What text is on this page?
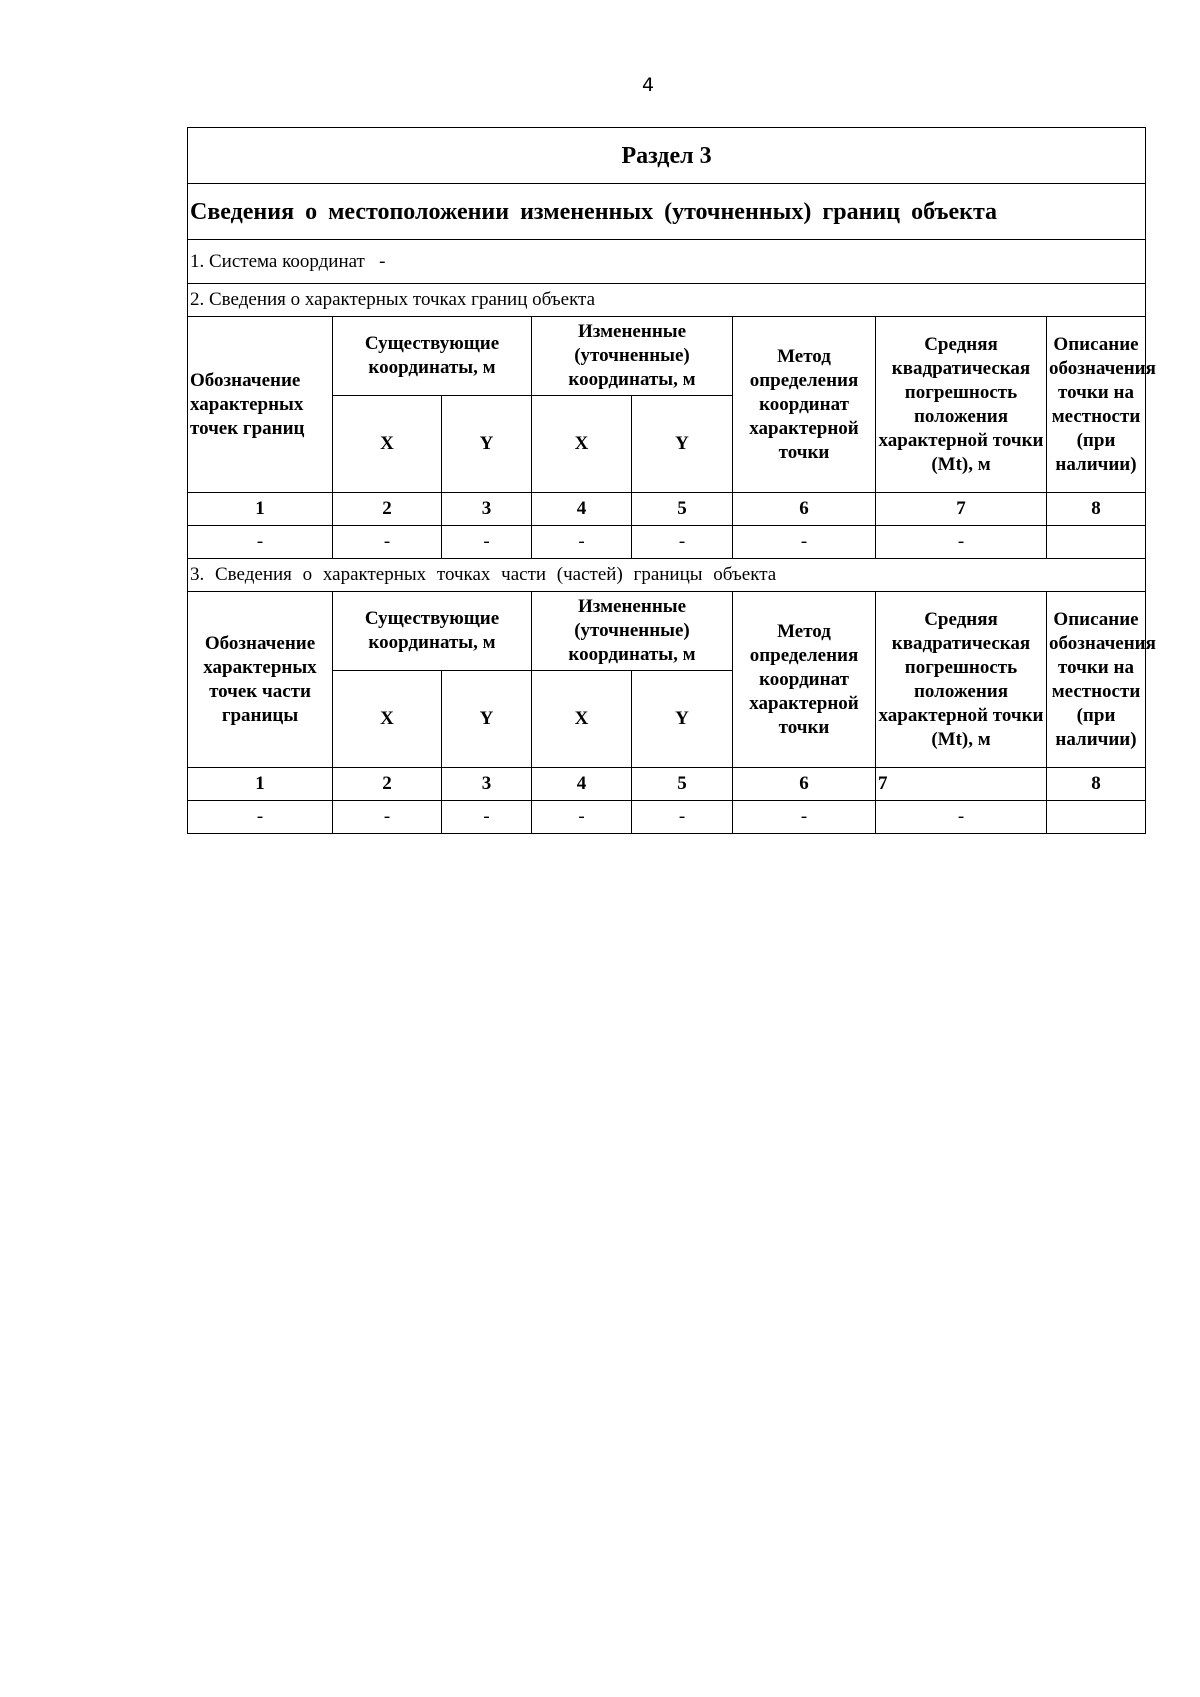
4
Раздел 3							
Сведения о местоположении измененных (уточненных) границ объекта							
1. Система координат -							
2. Сведения о характерных точках границ объекта							
Обозначение характерных точек границ	Существующие координаты, м		Измененные (уточненные) координаты, м		Метод определения координат характерной точки	Средняя квадратическая погрешность положения характерной точки (Mt), м	Описание обозначения точки на местности (при наличии)
	X	Y	X	Y			
1	2	3	4	5	6	7	8
-	-	-	-	-	-	-	
3. Сведения о характерных точках части (частей) границы объекта							
Обозначение характерных точек части границы	Существующие координаты, м		Измененные (уточненные) координаты, м		Метод определения координат характерной точки	Средняя квадратическая погрешность положения характерной точки (Mt), м	Описание обозначения точки на местности (при наличии)
	X	Y	X	Y			
1	2	3	4	5	6	7	8
-	-	-	-	-	-	-	
